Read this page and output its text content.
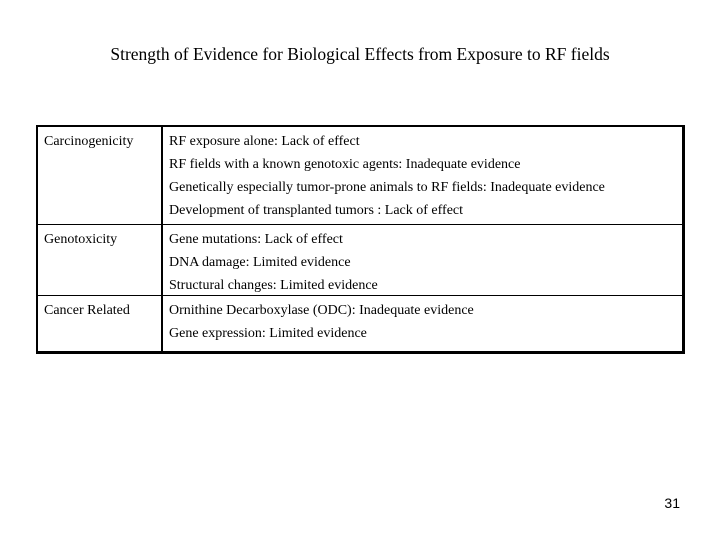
Strength of Evidence for Biological Effects from Exposure to RF fields
Carcinogenicity	RF exposure alone: Lack of effect
RF fields with a known genotoxic agents: Inadequate evidence
Genetically especially tumor-prone animals to RF fields: Inadequate evidence
Development of transplanted tumors : Lack of effect
Genotoxicity	Gene mutations: Lack of effect
DNA damage: Limited evidence
Structural changes: Limited evidence
Cancer Related	Ornithine Decarboxylase (ODC): Inadequate evidence
Gene expression: Limited evidence
31
